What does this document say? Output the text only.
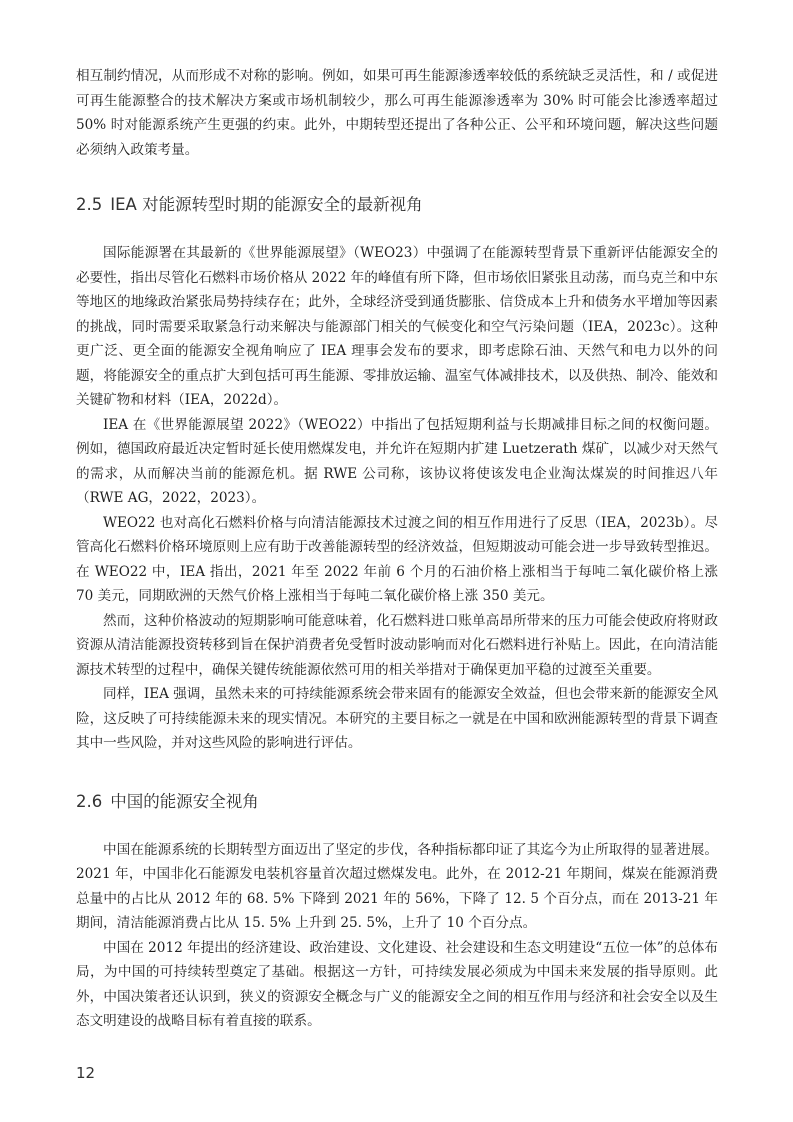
相互制约情况，从而形成不对称的影响。例如，如果可再生能源渗透率较低的系统缺乏灵活性，和 / 或促进可再生能源整合的技术解决方案或市场机制较少，那么可再生能源渗透率为 30% 时可能会比渗透率超过 50% 时对能源系统产生更强的约束。此外，中期转型还提出了各种公正、公平和环境问题，解决这些问题必须纳入政策考量。

2.5 IEA 对能源转型时期的能源安全的最新视角

国际能源署在其最新的《世界能源展望》（WEO23）中强调了在能源转型背景下重新评估能源安全的必要性，指出尽管化石燃料市场价格从 2022 年的峰值有所下降，但市场依旧紧张且动荡，而乌克兰和中东等地区的地缘政治紧张局势持续存在；此外，全球经济受到通货膨胀、信贷成本上升和债务水平增加等因素的挑战，同时需要采取紧急行动来解决与能源部门相关的气候变化和空气污染问题（IEA，2023c）。这种更广泛、更全面的能源安全视角响应了 IEA 理事会发布的要求，即考虑除石油、天然气和电力以外的问题，将能源安全的重点扩大到包括可再生能源、零排放运输、温室气体减排技术，以及供热、制冷、能效和关键矿物和材料（IEA，2022d）。

IEA 在《世界能源展望 2022》（WEO22）中指出了包括短期利益与长期减排目标之间的权衡问题。例如，德国政府最近决定暂时延长使用燃煤发电，并允许在短期内扩建 Luetzerath 煤矿，以减少对天然气的需求，从而解决当前的能源危机。据 RWE 公司称，该协议将使该发电企业淘汰煤炭的时间推迟八年（RWE AG，2022，2023）。

WEO22 也对高化石燃料价格与向清洁能源技术过渡之间的相互作用进行了反思（IEA，2023b）。尽管高化石燃料价格环境原则上应有助于改善能源转型的经济效益，但短期波动可能会进一步导致转型推迟。在 WEO22 中，IEA 指出，2021 年至 2022 年前 6 个月的石油价格上涨相当于每吨二氧化碳价格上涨 70 美元，同期欧洲的天然气价格上涨相当于每吨二氧化碳价格上涨 350 美元。

然而，这种价格波动的短期影响可能意味着，化石燃料进口账单高昂所带来的压力可能会使政府将财政资源从清洁能源投资转移到旨在保护消费者免受暂时波动影响而对化石燃料进行补贴上。因此，在向清洁能源技术转型的过程中，确保关键传统能源依然可用的相关举措对于确保更加平稳的过渡至关重要。

同样，IEA 强调，虽然未来的可持续能源系统会带来固有的能源安全效益，但也会带来新的能源安全风险，这反映了可持续能源未来的现实情况。本研究的主要目标之一就是在中国和欧洲能源转型的背景下调查其中一些风险，并对这些风险的影响进行评估。

2.6 中国的能源安全视角

中国在能源系统的长期转型方面迈出了坚定的步伐，各种指标都印证了其迄今为止所取得的显著进展。2021 年，中国非化石能源发电装机容量首次超过燃煤发电。此外，在 2012-21 年期间，煤炭在能源消费总量中的占比从 2012 年的 68. 5% 下降到 2021 年的 56%，下降了 12. 5 个百分点，而在 2013-21 年期间，清洁能源消费占比从 15. 5% 上升到 25. 5%，上升了 10 个百分点。

中国在 2012 年提出的经济建设、政治建设、文化建设、社会建设和生态文明建设“五位一体”的总体布局，为中国的可持续转型奠定了基础。根据这一方针，可持续发展必须成为中国未来发展的指导原则。此外，中国决策者还认识到，狭义的资源安全概念与广义的能源安全之间的相互作用与经济和社会安全以及生态文明建设的战略目标有着直接的联系。

12
